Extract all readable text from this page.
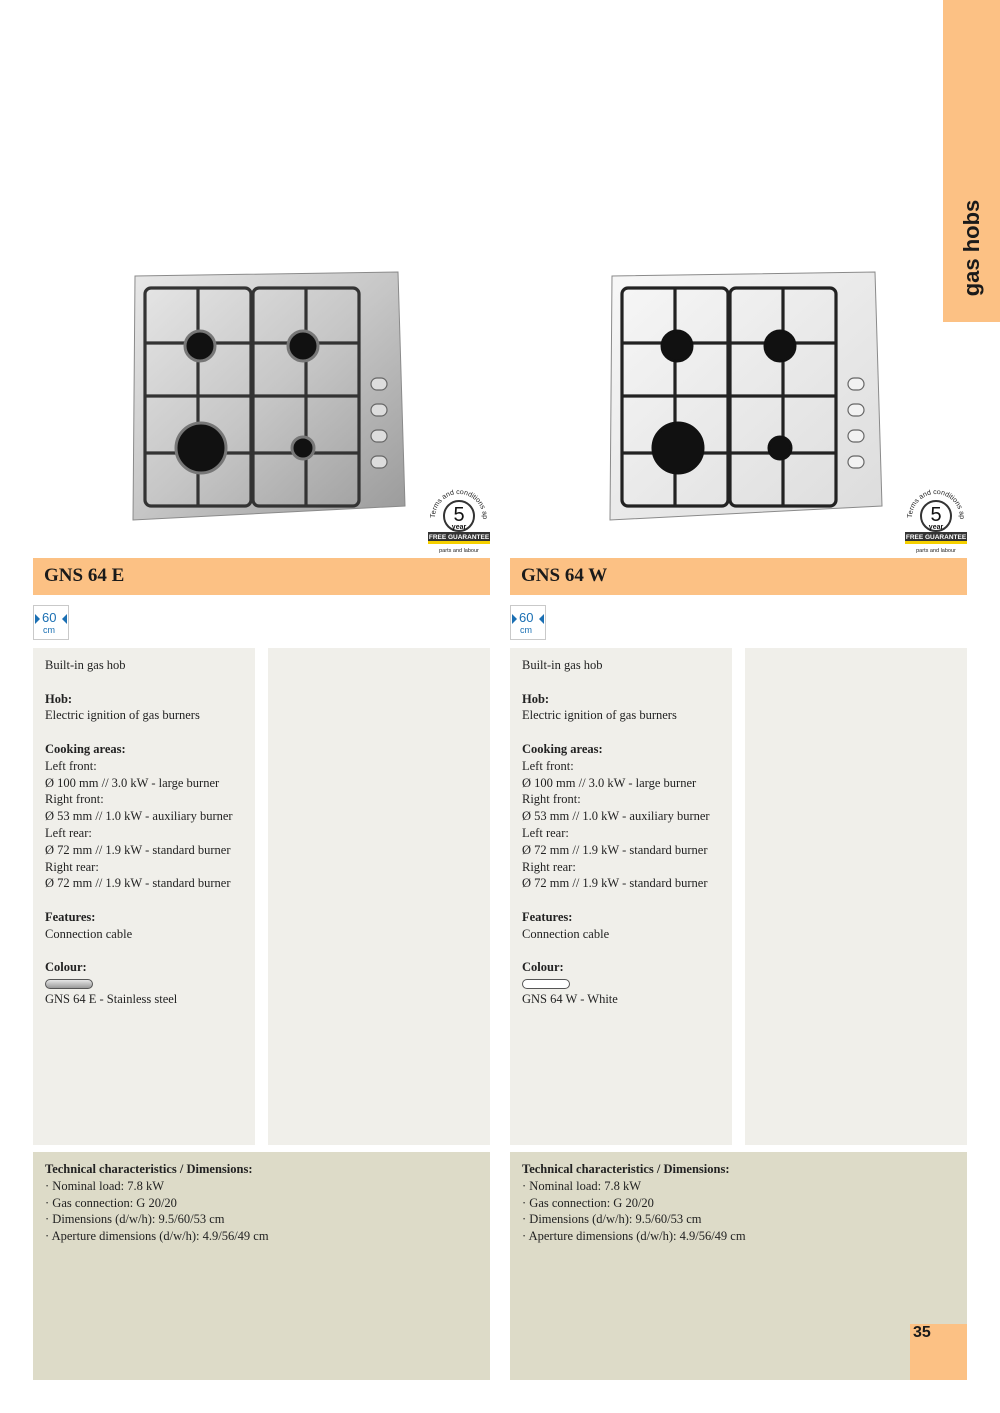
gas hobs
Terms and conditions ap
5
year
FREE GUARANTEE
parts and labour
GNS 64 E
60
cm
Built-in gas hob
Hob:
Electric ignition of gas burners
Cooking areas:
Left front:
Ø 100 mm // 3.0 kW - large burner
Right front:
Ø 53 mm // 1.0 kW - auxiliary burner
Left rear:
Ø 72 mm // 1.9 kW - standard burner
Right rear:
Ø 72 mm // 1.9 kW - standard burner
Features:
Connection cable
Colour:
GNS 64 E - Stainless steel
Technical characteristics / Dimensions:
· Nominal load: 7.8 kW
· Gas connection: G 20/20
· Dimensions (d/w/h): 9.5/60/53 cm
· Aperture dimensions (d/w/h): 4.9/56/49 cm
Terms and conditions ap
5
year
FREE GUARANTEE
parts and labour
GNS 64 W
60
cm
Built-in gas hob
Hob:
Electric ignition of gas burners
Cooking areas:
Left front:
Ø 100 mm // 3.0 kW - large burner
Right front:
Ø 53 mm // 1.0 kW - auxiliary burner
Left rear:
Ø 72 mm // 1.9 kW - standard burner
Right rear:
Ø 72 mm // 1.9 kW - standard burner
Features:
Connection cable
Colour:
GNS 64 W - White
Technical characteristics / Dimensions:
· Nominal load: 7.8 kW
· Gas connection: G 20/20
· Dimensions (d/w/h): 9.5/60/53 cm
· Aperture dimensions (d/w/h): 4.9/56/49 cm
35
